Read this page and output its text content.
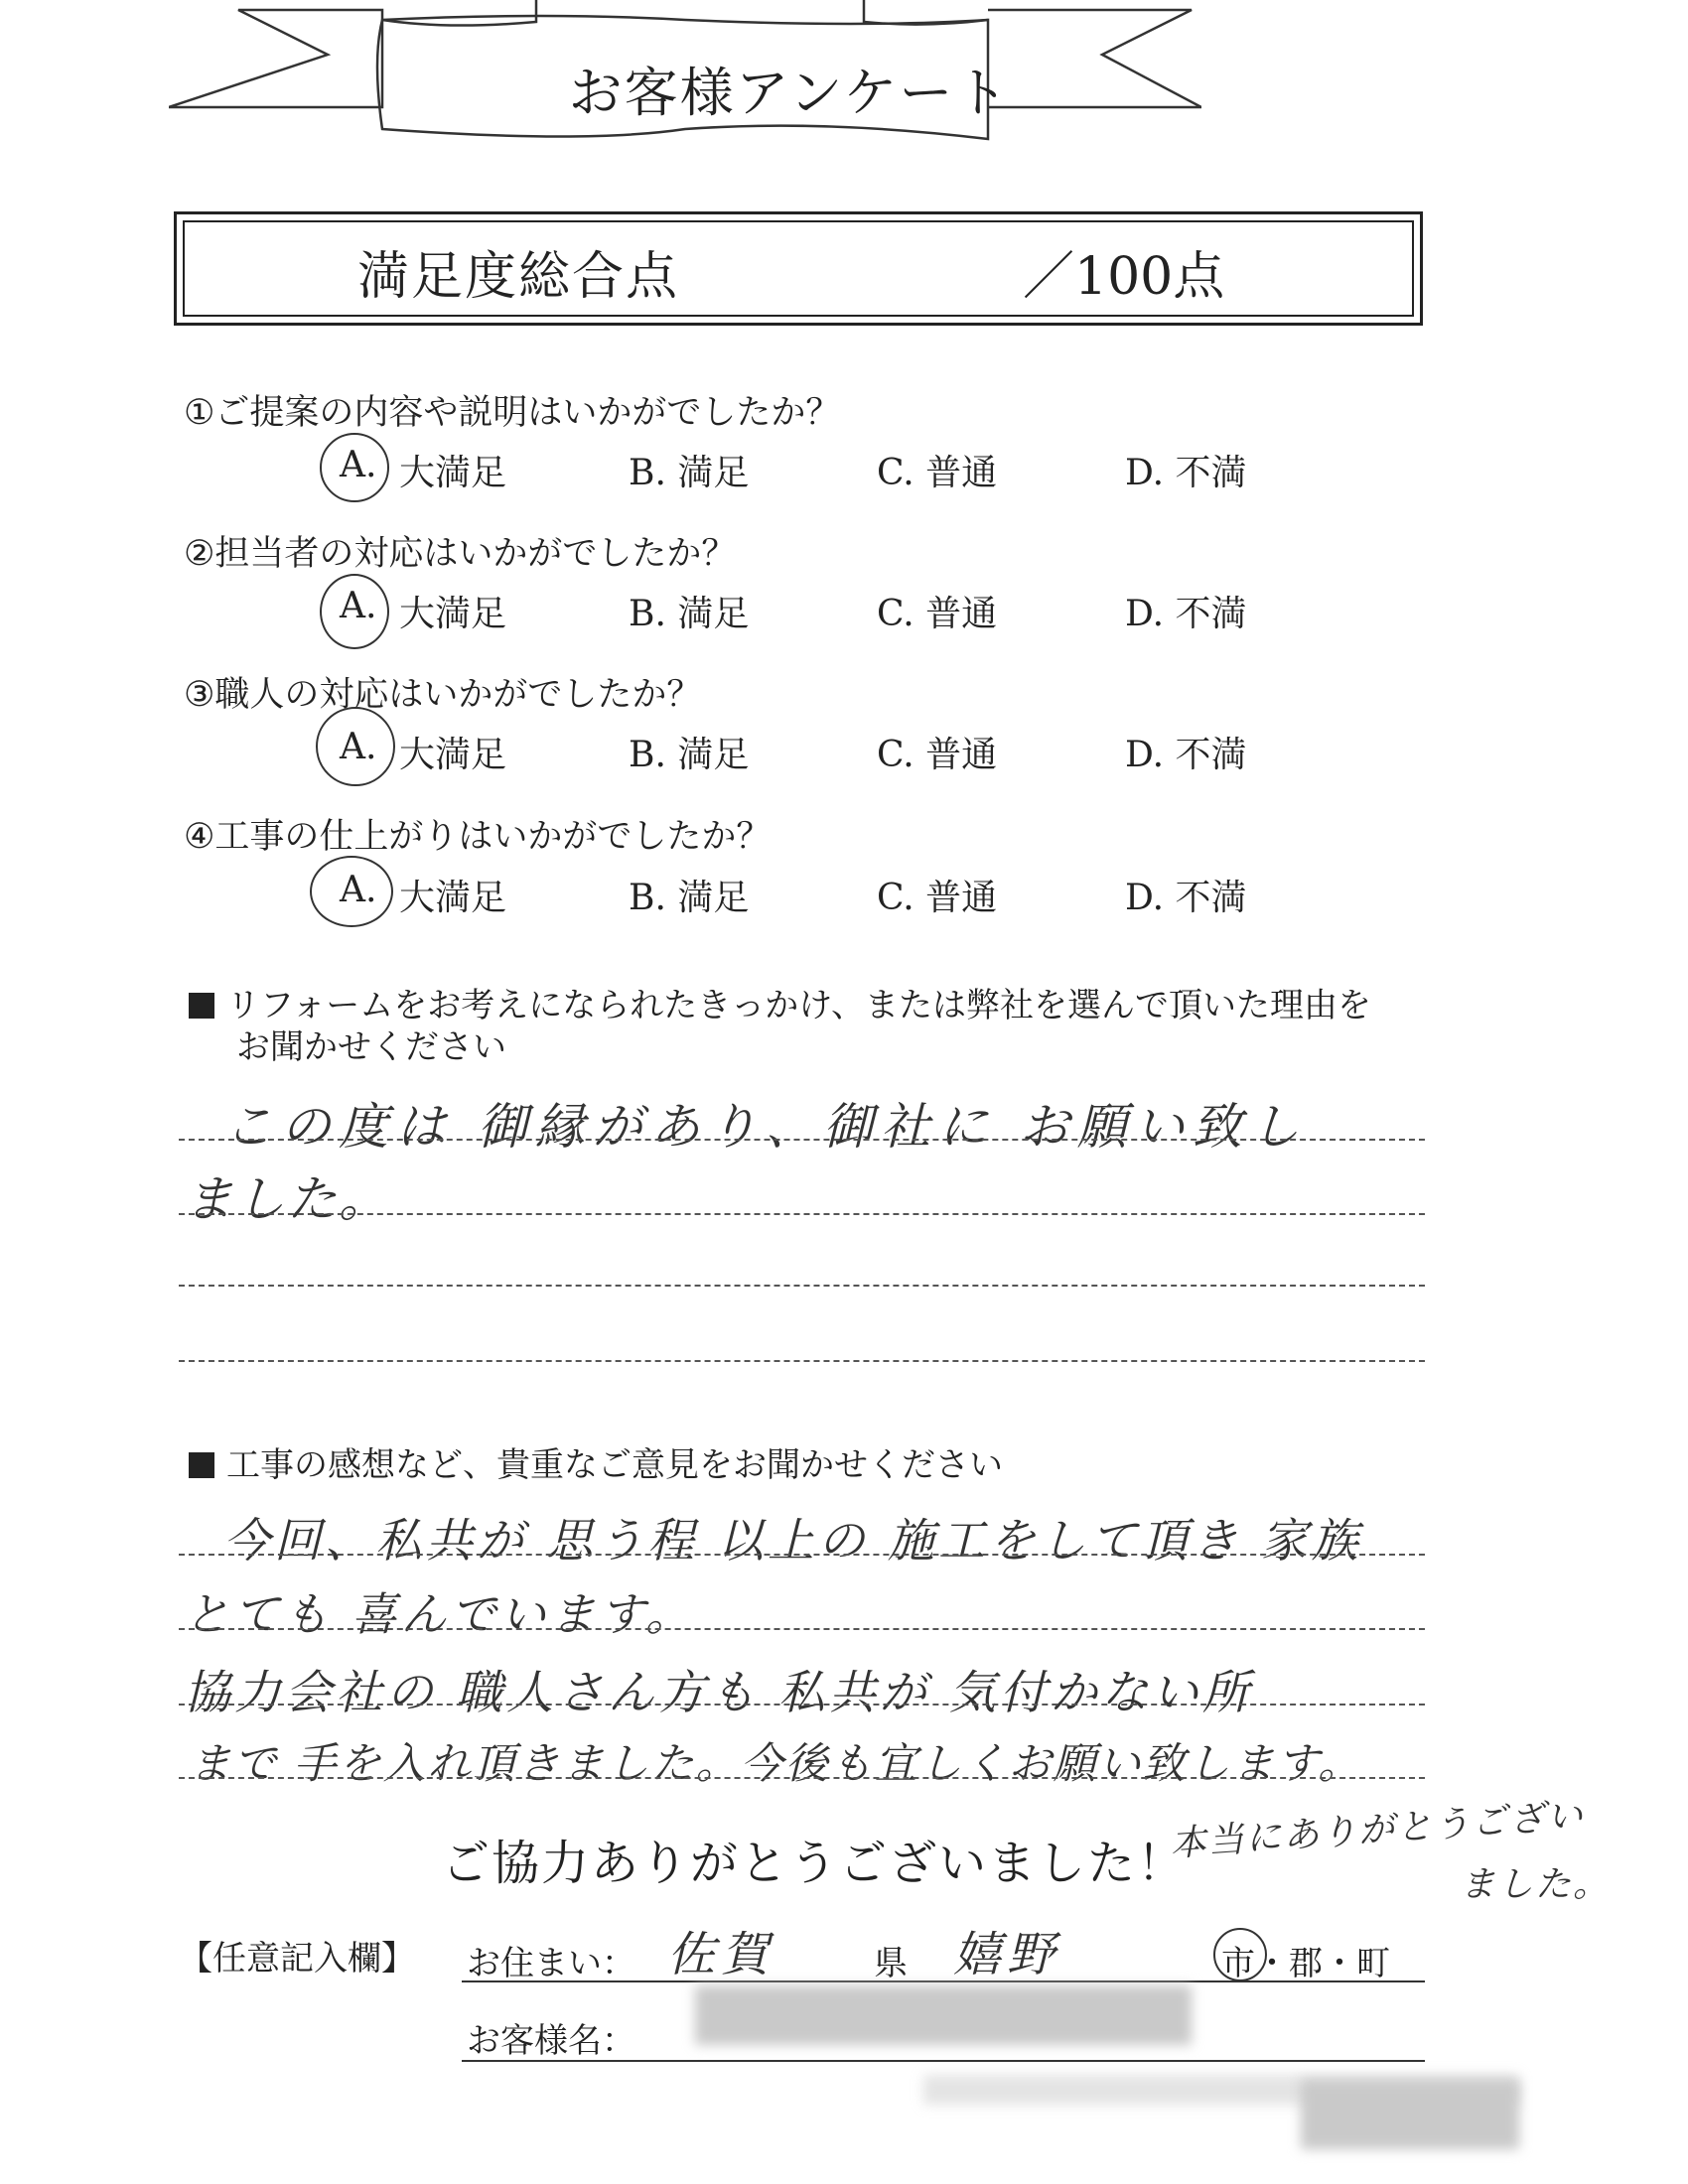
お客様アンケート
満足度総合点	／100点
①ご提案の内容や説明はいかがでしたか？
A. 大満足	B. 満足	C. 普通	D. 不満
②担当者の対応はいかがでしたか？
A. 大満足	B. 満足	C. 普通	D. 不満
③職人の対応はいかがでしたか？
A. 大満足	B. 満足	C. 普通	D. 不満
④工事の仕上がりはいかがでしたか？
A. 大満足	B. 満足	C. 普通	D. 不満
リフォームをお考えになられたきっかけ、または弊社を選んで頂いた理由を
お聞かせください
この度は 御縁があり、御社に お願い致し
ました。
工事の感想など、貴重なご意見をお聞かせください
今回、私共が 思う程 以上の 施工をして頂き 家族
とても 喜んでいます。
協力会社の 職人さん方も 私共が 気付かない所
まで 手を入れ頂きました。今後も宜しくお願い致します。
ご協力ありがとうございました！
本当にありがとうござい
ました。
【任意記入欄】 お住まい： 佐賀	県 嬉野	市・郡・町
お客様名：
